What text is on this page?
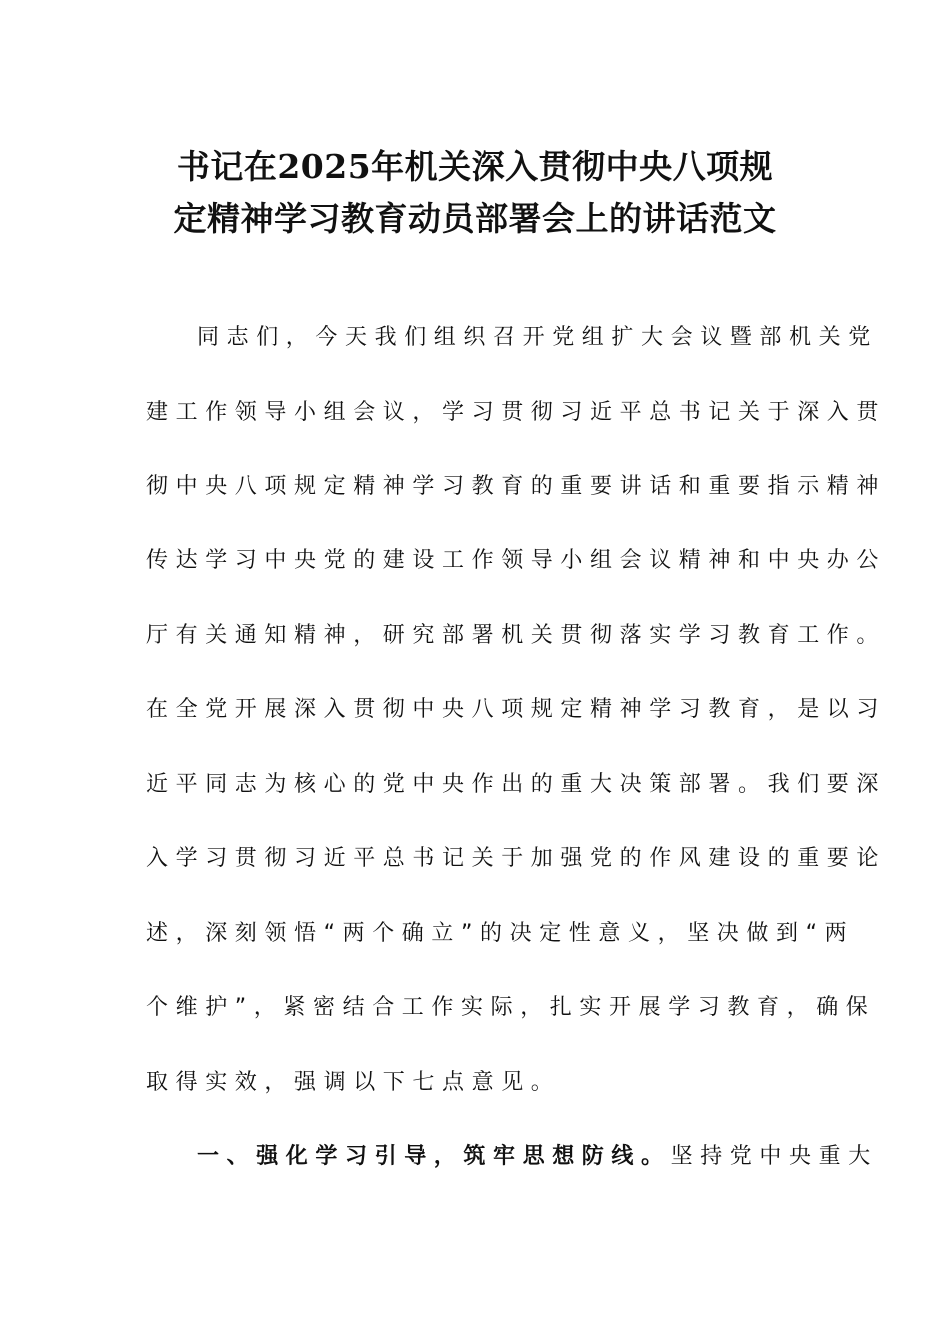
书记在2025年机关深入贯彻中央八项规
定精神学习教育动员部署会上的讲话范文
同志们，今天我们组织召开党组扩大会议暨部机关党
建工作领导小组会议，学习贯彻习近平总书记关于深入贯
彻中央八项规定精神学习教育的重要讲话和重要指示精神
传达学习中央党的建设工作领导小组会议精神和中央办公
厅有关通知精神，研究部署机关贯彻落实学习教育工作。
在全党开展深入贯彻中央八项规定精神学习教育，是以习
近平同志为核心的党中央作出的重大决策部署。我们要深
入学习贯彻习近平总书记关于加强党的作风建设的重要论
述，深刻领悟“两个确立”的决定性意义，坚决做到“两
个维护”，紧密结合工作实际，扎实开展学习教育，确保
取得实效，强调以下七点意见。
一、强化学习引导，筑牢思想防线。坚持党中央重大
